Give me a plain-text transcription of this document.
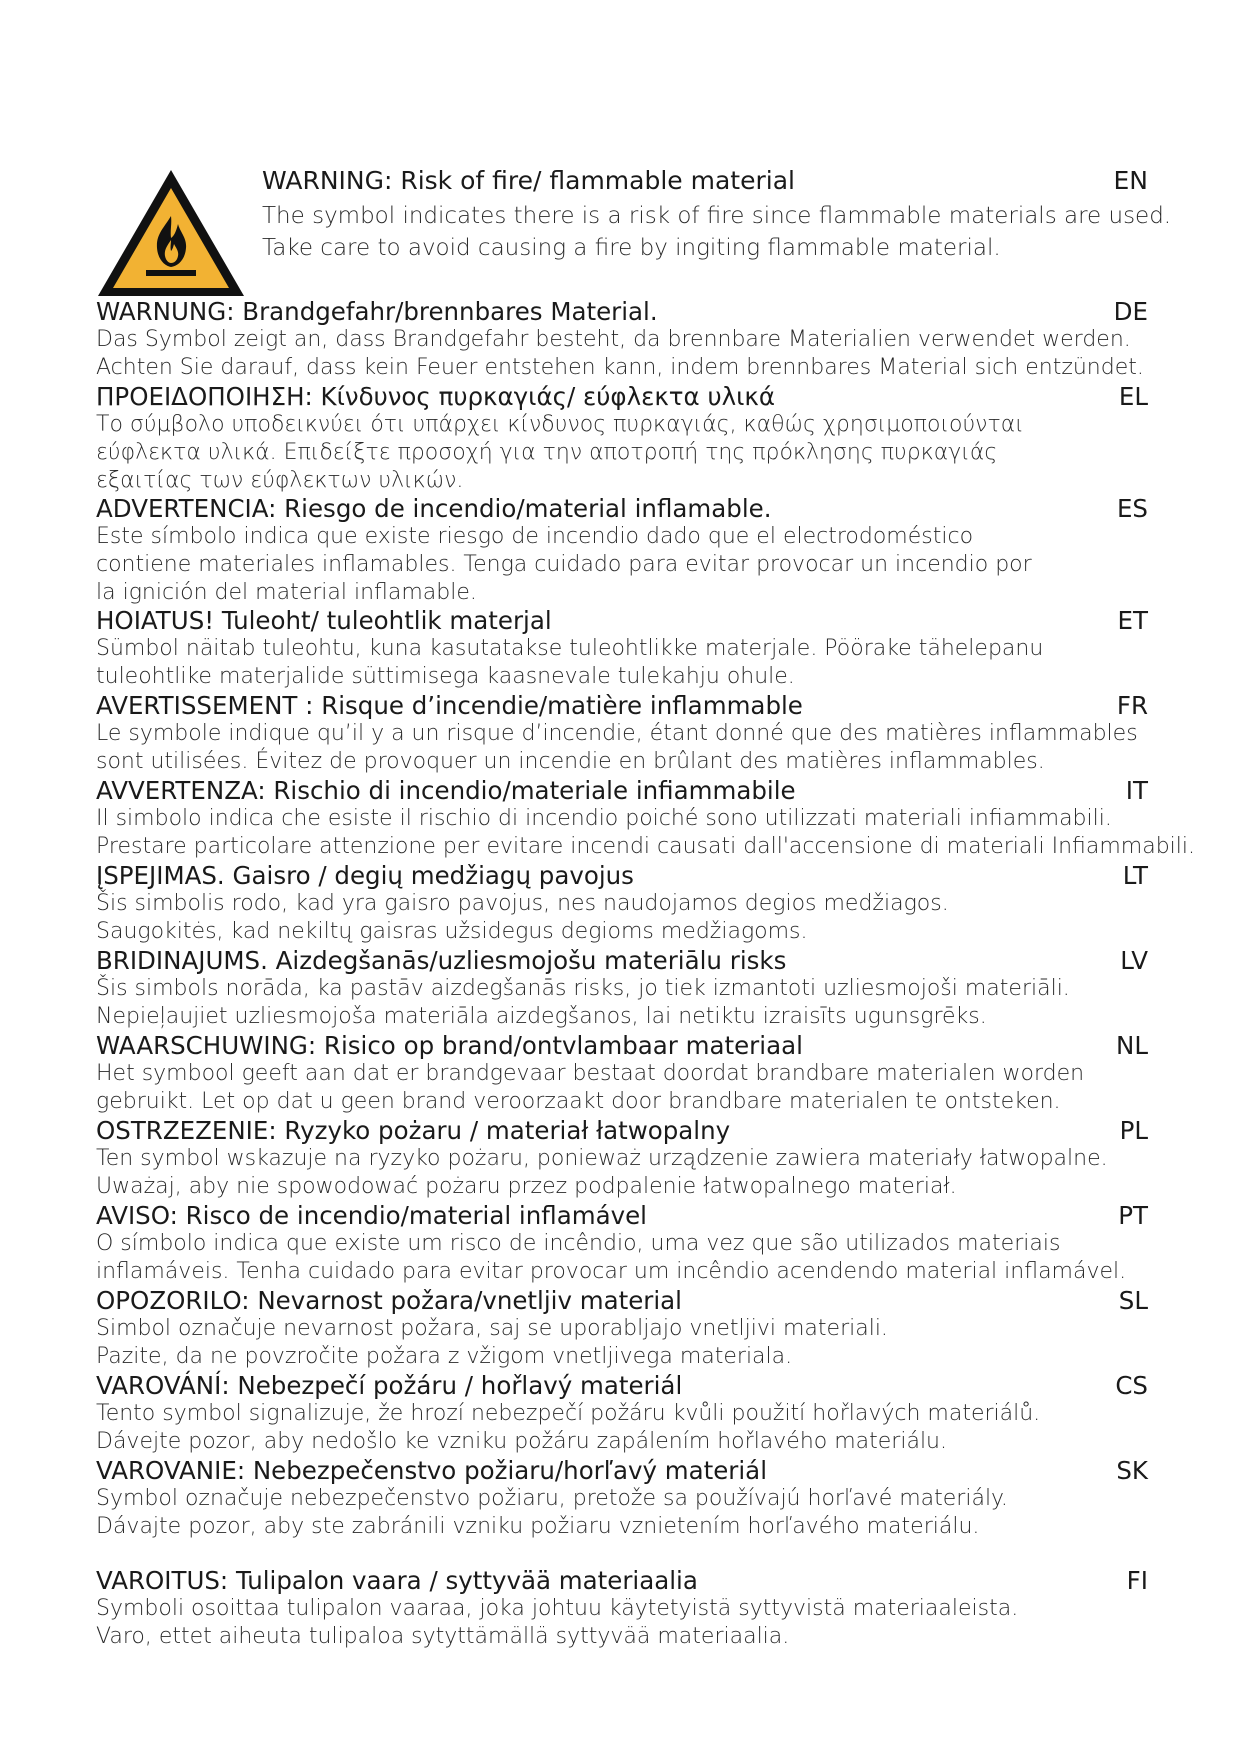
WARNING: Risk of fire/ flammable material	EN
The symbol indicates there is a risk of fire since flammable materials are used.
Take care to avoid causing a fire by ingiting flammable material.
WARNUNG: Brandgefahr/brennbares Material.	DE
Das Symbol zeigt an, dass Brandgefahr besteht, da brennbare Materialien verwendet werden.
Achten Sie darauf, dass kein Feuer entstehen kann, indem brennbares Material sich entzündet.
ΠΡΟΕΙΔΟΠΟΙΗΣΗ: Κίνδυνος πυρκαγιάς/ εύφλεκτα υλικά	EL
Το σύμβολο υποδεικνύει ότι υπάρχει κίνδυνος πυρκαγιάς, καθώς χρησιμοποιούνται
εύφλεκτα υλικά. Επιδείξτε προσοχή για την αποτροπή της πρόκλησης πυρκαγιάς
εξαιτίας των εύφλεκτων υλικών.
ADVERTENCIA: Riesgo de incendio/material inflamable.	ES
Este símbolo indica que existe riesgo de incendio dado que el electrodoméstico
contiene materiales inflamables. Tenga cuidado para evitar provocar un incendio por
la ignición del material inflamable.
HOIATUS! Tuleoht/ tuleohtlik materjal	ET
Sümbol näitab tuleohtu, kuna kasutatakse tuleohtlikke materjale. Pöörake tähelepanu
tuleohtlike materjalide süttimisega kaasnevale tulekahju ohule.
AVERTISSEMENT : Risque d’incendie/matière inflammable	FR
Le symbole indique qu’il y a un risque d’incendie, étant donné que des matières inflammables
sont utilisées. Évitez de provoquer un incendie en brûlant des matières inflammables.
AVVERTENZA: Rischio di incendio/materiale infiammabile	IT
Il simbolo indica che esiste il rischio di incendio poiché sono utilizzati materiali infiammabili.
Prestare particolare attenzione per evitare incendi causati dall'accensione di materiali Infiammabili.
ĮSPEJIMAS. Gaisro / degių medžiagų pavojus	LT
Šis simbolis rodo, kad yra gaisro pavojus, nes naudojamos degios medžiagos.
Saugokitės, kad nekiltų gaisras užsidegus degioms medžiagoms.
BRIDINAJUMS. Aizdegšanās/uzliesmojošu materiālu risks	LV
Šis simbols norāda, ka pastāv aizdegšanās risks, jo tiek izmantoti uzliesmojoši materiāli.
Nepieļaujiet uzliesmojoša materiāla aizdegšanos, lai netiktu izraisīts ugunsgrēks.
WAARSCHUWING: Risico op brand/ontvlambaar materiaal	NL
Het symbool geeft aan dat er brandgevaar bestaat doordat brandbare materialen worden
gebruikt. Let op dat u geen brand veroorzaakt door brandbare materialen te ontsteken.
OSTRZEZENIE: Ryzyko pożaru / materiał łatwopalny	PL
Ten symbol wskazuje na ryzyko pożaru, ponieważ urządzenie zawiera materiały łatwopalne.
Uważaj, aby nie spowodować pożaru przez podpalenie łatwopalnego materiał.
AVISO: Risco de incendio/material inflamável	PT
O símbolo indica que existe um risco de incêndio, uma vez que são utilizados materiais
inflamáveis. Tenha cuidado para evitar provocar um incêndio acendendo material inflamável.
OPOZORILO: Nevarnost požara/vnetljiv material	SL
Simbol označuje nevarnost požara, saj se uporabljajo vnetljivi materiali.
Pazite, da ne povzročite požara z vžigom vnetljivega materiala.
VAROVÁNÍ: Nebezpečí požáru / hořlavý materiál	CS
Tento symbol signalizuje, že hrozí nebezpečí požáru kvůli použití hořlavých materiálů.
Dávejte pozor, aby nedošlo ke vzniku požáru zapálením hořlavého materiálu.
VAROVANIE: Nebezpečenstvo požiaru/horľavý materiál	SK
Symbol označuje nebezpečenstvo požiaru, pretože sa používajú horľavé materiály.
Dávajte pozor, aby ste zabránili vzniku požiaru vznietením horľavého materiálu.
VAROITUS: Tulipalon vaara / syttyvää materiaalia	FI
Symboli osoittaa tulipalon vaaraa, joka johtuu käytetyistä syttyvistä materiaaleista.
Varo, ettet aiheuta tulipaloa sytyttämällä syttyvää materiaalia.
